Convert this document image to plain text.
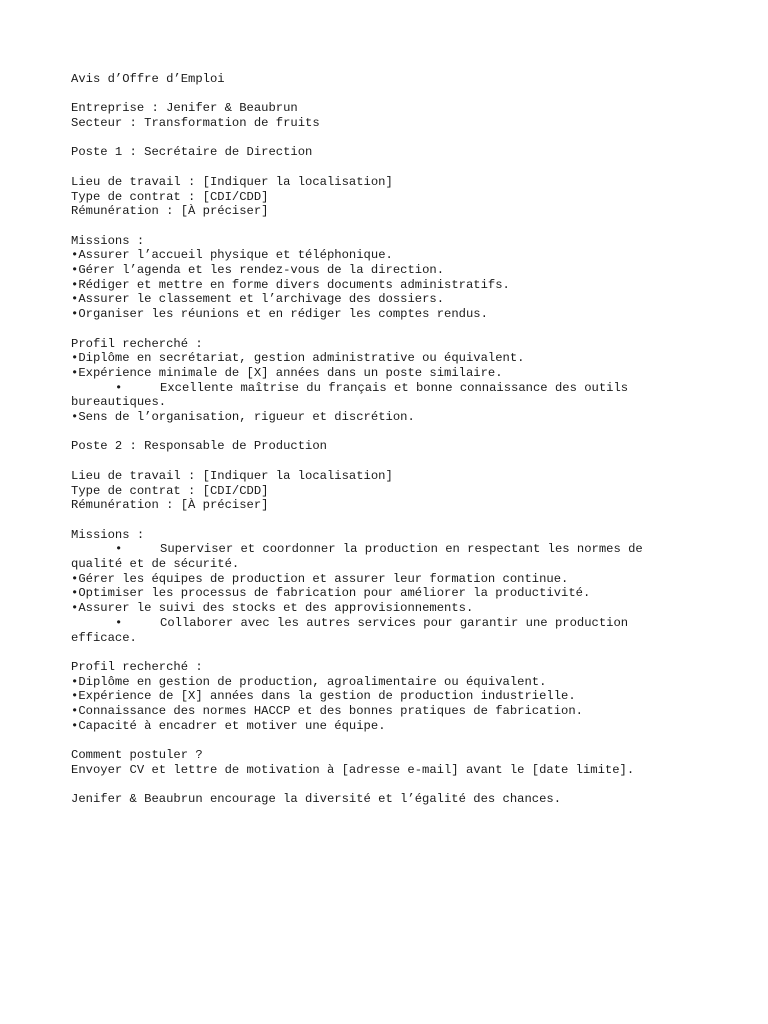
Avis d’Offre d’Emploi
Entreprise : Jenifer & Beaubrun
Secteur : Transformation de fruits
Poste 1 : Secrétaire de Direction
Lieu de travail : [Indiquer la localisation]
Type de contrat : [CDI/CDD]
Rémunération : [À préciser]
Missions :
•Assurer l’accueil physique et téléphonique.
•Gérer l’agenda et les rendez-vous de la direction.
•Rédiger et mettre en forme divers documents administratifs.
•Assurer le classement et l’archivage des dossiers.
•Organiser les réunions et en rédiger les comptes rendus.
Profil recherché :
•Diplôme en secrétariat, gestion administrative ou équivalent.
•Expérience minimale de [X] années dans un poste similaire.
•	Excellente maîtrise du français et bonne connaissance des outils bureautiques.
•Sens de l’organisation, rigueur et discrétion.
Poste 2 : Responsable de Production
Lieu de travail : [Indiquer la localisation]
Type de contrat : [CDI/CDD]
Rémunération : [À préciser]
Missions :
•	Superviser et coordonner la production en respectant les normes de qualité et de sécurité.
•Gérer les équipes de production et assurer leur formation continue.
•Optimiser les processus de fabrication pour améliorer la productivité.
•Assurer le suivi des stocks et des approvisionnements.
•	Collaborer avec les autres services pour garantir une production efficace.
Profil recherché :
•Diplôme en gestion de production, agroalimentaire ou équivalent.
•Expérience de [X] années dans la gestion de production industrielle.
•Connaissance des normes HACCP et des bonnes pratiques de fabrication.
•Capacité à encadrer et motiver une équipe.
Comment postuler ?
Envoyer CV et lettre de motivation à [adresse e-mail] avant le [date limite].
Jenifer & Beaubrun encourage la diversité et l’égalité des chances.
